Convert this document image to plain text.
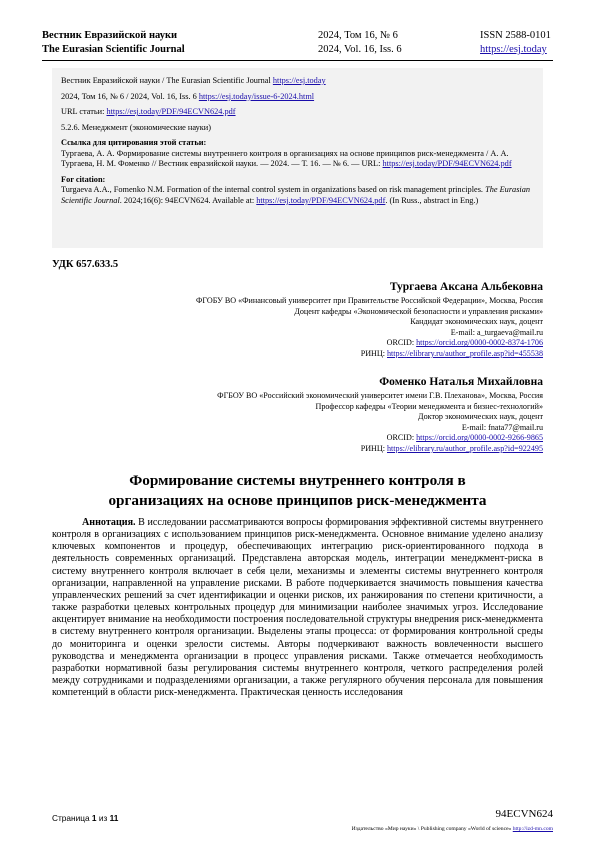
Вестник Евразийской науки
The Eurasian Scientific Journal
2024, Том 16, № 6
2024, Vol. 16, Iss. 6
ISSN 2588-0101
https://esj.today

Вестник Евразийской науки / The Eurasian Scientific Journal https://esj.today

2024, Том 16, № 6 / 2024, Vol. 16, Iss. 6 https://esj.today/issue-6-2024.html

URL статьи: https://esj.today/PDF/94ECVN624.pdf

5.2.6. Менеджмент (экономические науки)

Ссылка для цитирования этой статьи:

Тургаева, А. А. Формирование системы внутреннего контроля в организациях на основе принципов риск-менеджмента / А. А. Тургаева, Н. М. Фоменко // Вестник евразийской науки. — 2024. — Т. 16. — № 6. — URL: https://esj.today/PDF/94ECVN624.pdf

For citation:

Turgaeva A.A., Fomenko N.M. Formation of the internal control system in organizations based on risk management principles. The Eurasian Scientific Journal. 2024;16(6): 94ECVN624. Available at: https://esj.today/PDF/94ECVN624.pdf. (In Russ., abstract in Eng.)

УДК 657.633.5
Тургаева Аксана Альбековна
ФГОБУ ВО «Финансовый университет при Правительстве Российской Федерации», Москва, Россия
Доцент кафедры «Экономической безопасности и управления рисками»
Кандидат экономических наук, доцент
E-mail: a_turgaeva@mail.ru
ORCID: https://orcid.org/0000-0002-8374-1706
РИНЦ: https://elibrary.ru/author_profile.asp?id=455538
Фоменко Наталья Михайловна
ФГБОУ ВО «Российский экономический университет имени Г.В. Плеханова», Москва, Россия
Профессор кафедры «Теории менеджмента и бизнес-технологий»
Доктор экономических наук, доцент
E-mail: fnata77@mail.ru
ORCID: https://orcid.org/0000-0002-9266-9865
РИНЦ: https://elibrary.ru/author_profile.asp?id=922495
Формирование системы внутреннего контроля в
организациях на основе принципов риск-менеджмента
Аннотация. В исследовании рассматриваются вопросы формирования эффективной системы внутреннего контроля в организациях с использованием принципов риск-менеджмента. Основное внимание уделено анализу ключевых компонентов и процедур, обеспечивающих интеграцию риск-ориентированного подхода в деятельность современных организаций. Представлена авторская модель, интеграции менеджмент-риска в систему внутреннего контроля включает в себя цели, механизмы и элементы системы внутреннего контроля организации, направленной на управление рисками. В работе подчеркивается значимость повышения качества управленческих решений за счет идентификации и оценки рисков, их ранжирования по степени критичности, а также разработки целевых контрольных процедур для минимизации наиболее значимых угроз. Исследование акцентирует внимание на необходимости построения последовательной структуры внедрения риск-менеджмента в систему внутреннего контроля организации. Выделены этапы процесса: от формирования контрольной среды до мониторинга и оценки зрелости системы. Авторы подчеркивают важность вовлеченности высшего руководства и менеджмента организации в процесс управления рисками. Также отмечается необходимость разработки нормативной базы регулирования системы внутреннего контроля, четкого распределения ролей между сотрудниками и подразделениями организации, а также регулярного обучения персонала для повышения компетенций в области риск-менеджмента. Практическая ценность исследования
Страница 1 из 11	94ECVN624
Издательство «Мир науки» \ Publishing company «World of science» http://izd-mn.com
